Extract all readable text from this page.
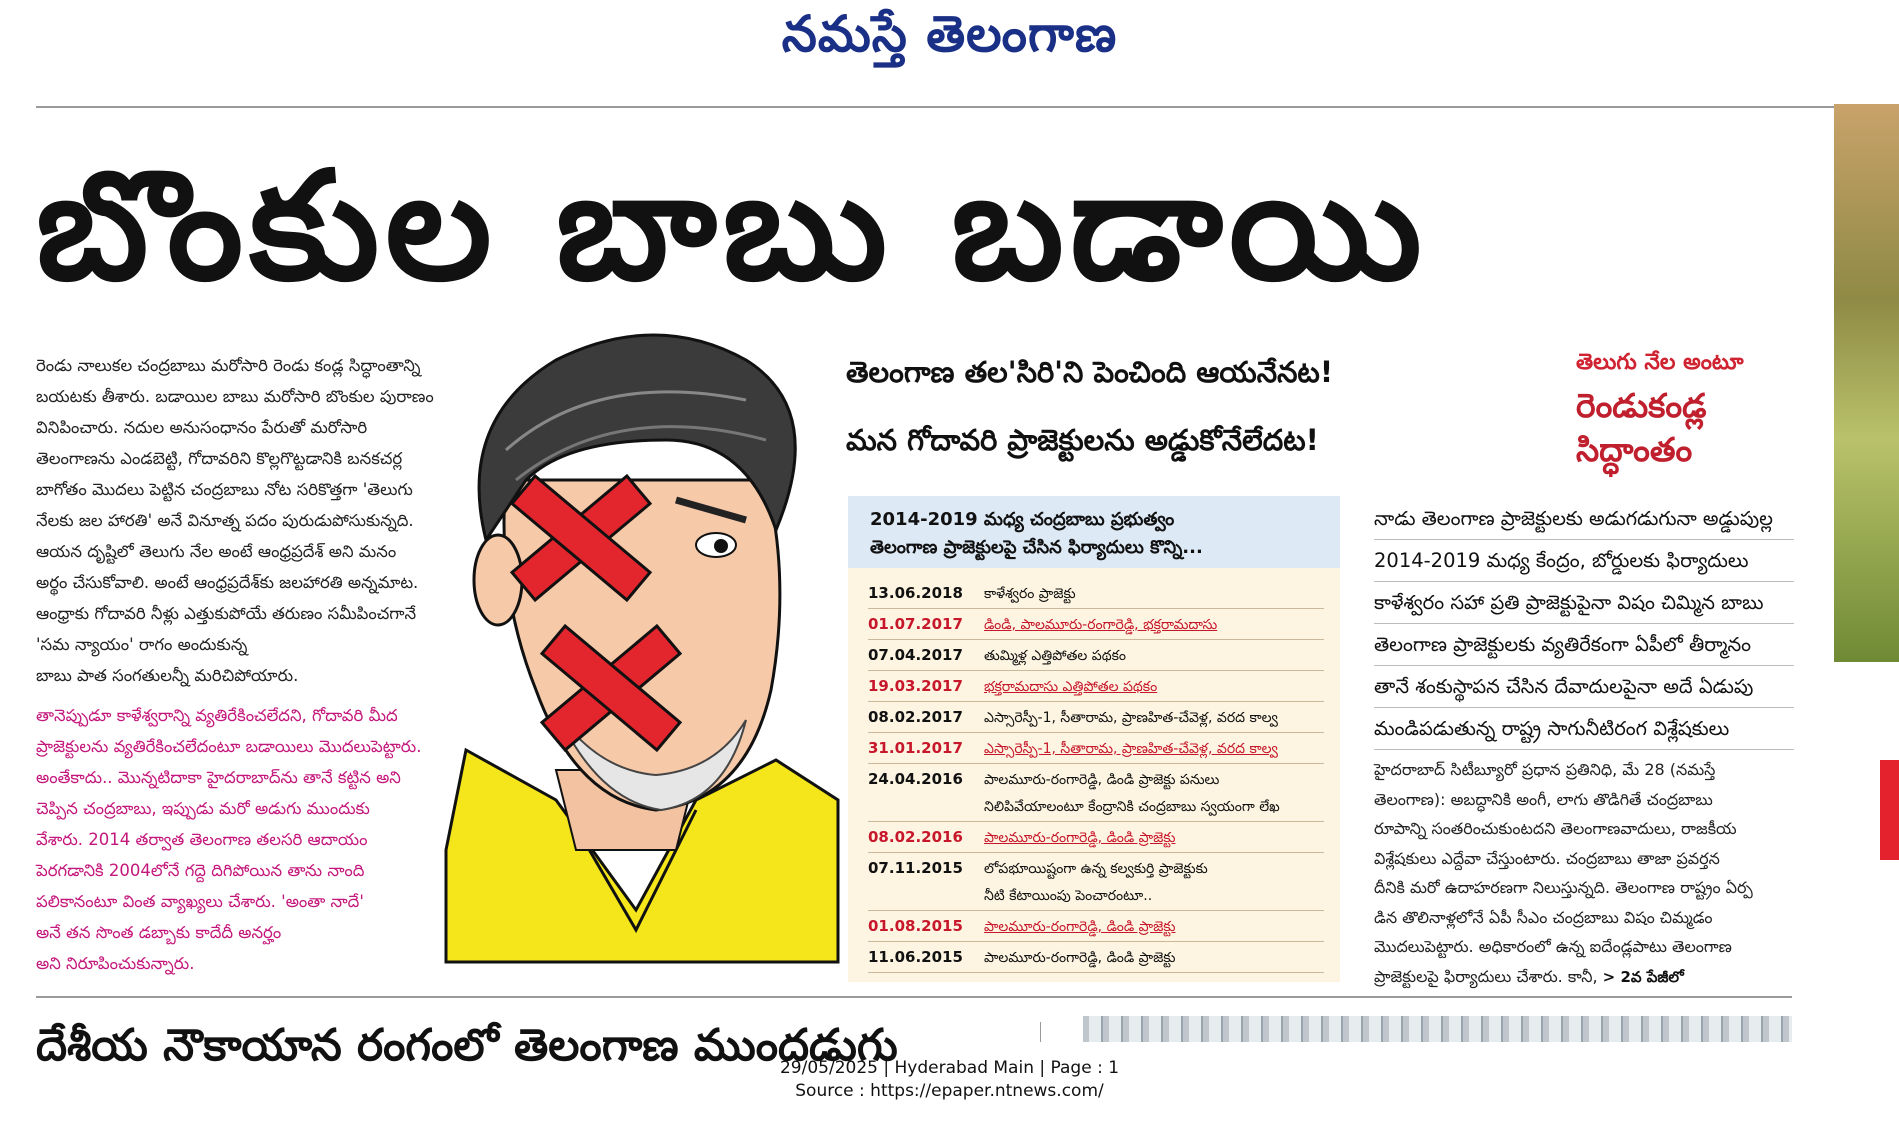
నమస్తే తెలంగాణ
బొంకుల బాబు బడాయి
రెండు నాలుకల చంద్రబాబు మరోసారి రెండు కండ్ల సిద్ధాంతాన్ని
బయటకు తీశారు. బడాయిల బాబు మరోసారి బొంకుల పురాణం
వినిపించారు. నదుల అనుసంధానం పేరుతో మరోసారి
తెలంగాణను ఎండబెట్టి, గోదావరిని కొల్లగొట్టడానికి బనకచర్ల
బాగోతం మొదలు పెట్టిన చంద్రబాబు నోట సరికొత్తగా 'తెలుగు
నేలకు జల హారతి' అనే వినూత్న పదం పురుడుపోసుకున్నది.
ఆయన దృష్టిలో తెలుగు నేల అంటే ఆంధ్రప్రదేశ్ అని మనం
అర్థం చేసుకోవాలి. అంటే ఆంధ్రప్రదేశ్‌కు జలహారతి అన్నమాట.
ఆంధ్రాకు గోదావరి నీళ్లు ఎత్తుకుపోయే తరుణం సమీపించగానే
'సమ న్యాయం' రాగం అందుకున్న
బాబు పాత సంగతులన్నీ మరిచిపోయారు.
తానెప్పుడూ కాళేశ్వరాన్ని వ్యతిరేకించలేదని, గోదావరి మీద
ప్రాజెక్టులను వ్యతిరేకించలేదంటూ బడాయిలు మొదలుపెట్టారు.
అంతేకాదు.. మొన్నటిదాకా హైదరాబాద్‌ను తానే కట్టిన అని
చెప్పిన చంద్రబాబు, ఇప్పుడు మరో అడుగు ముందుకు
వేశారు. 2014 తర్వాత తెలంగాణ తలసరి ఆదాయం
పెరగడానికి 2004లోనే గద్దె దిగిపోయిన తాను నాంది
పలికానంటూ వింత వ్యాఖ్యలు చేశారు. 'అంతా నాదే'
అనే తన సొంత డబ్బాకు కాదేదీ అనర్హం
అని నిరూపించుకున్నారు.
తెలంగాణ తల'సిరి'ని పెంచింది ఆయనేనట!
మన గోదావరి ప్రాజెక్టులను అడ్డుకోనేలేదట!
తెలుగు నేల అంటూ
రెండుకండ్ల
సిద్ధాంతం
2014-2019 మధ్య చంద్రబాబు ప్రభుత్వం
తెలంగాణ ప్రాజెక్టులపై చేసిన ఫిర్యాదులు కొన్ని...
13.06.2018 కాళేశ్వరం ప్రాజెక్టు
01.07.2017 డిండి, పాలమూరు-రంగారెడ్డి, భక్తరామదాసు
07.04.2017 తుమ్మిళ్ల ఎత్తిపోతల పథకం
19.03.2017 భక్తరామదాసు ఎత్తిపోతల పథకం
08.02.2017 ఎస్సారెస్పీ-1, సీతారామ, ప్రాణహిత-చేవెళ్ల, వరద కాల్వ
31.01.2017 ఎస్సారెస్పీ-1, సీతారామ, ప్రాణహిత-చేవెళ్ల, వరద కాల్వ
24.04.2016 పాలమూరు-రంగారెడ్డి, డిండి ప్రాజెక్టు పనులు
నిలిపివేయాలంటూ కేంద్రానికి చంద్రబాబు స్వయంగా లేఖ
08.02.2016 పాలమూరు-రంగారెడ్డి, డిండి ప్రాజెక్టు
07.11.2015 లోపభూయిష్టంగా ఉన్న కల్వకుర్తి ప్రాజెక్టుకు
నీటి కేటాయింపు పెంచారంటూ..
01.08.2015 పాలమూరు-రంగారెడ్డి, డిండి ప్రాజెక్టు
11.06.2015 పాలమూరు-రంగారెడ్డి, డిండి ప్రాజెక్టు
నాడు తెలంగాణ ప్రాజెక్టులకు అడుగడుగునా అడ్డుపుల్ల
2014-2019 మధ్య కేంద్రం, బోర్డులకు ఫిర్యాదులు
కాళేశ్వరం సహా ప్రతి ప్రాజెక్టుపైనా విషం చిమ్మిన బాబు
తెలంగాణ ప్రాజెక్టులకు వ్యతిరేకంగా ఏపీలో తీర్మానం
తానే శంకుస్థాపన చేసిన దేవాదులపైనా అదే ఏడుపు
మండిపడుతున్న రాష్ట్ర సాగునీటిరంగ విశ్లేషకులు
హైదరాబాద్ సిటీబ్యూరో ప్రధాన ప్రతినిధి, మే 28 (నమస్తే
తెలంగాణ): అబద్ధానికి అంగీ, లాగు తొడిగితే చంద్రబాబు
రూపాన్ని సంతరించుకుంటదని తెలంగాణవాదులు, రాజకీయ
విశ్లేషకులు ఎద్దేవా చేస్తుంటారు. చంద్రబాబు తాజా ప్రవర్తన
దీనికి మరో ఉదాహరణగా నిలుస్తున్నది. తెలంగాణ రాష్ట్రం ఏర్ప
డిన తొలినాళ్లలోనే ఏపీ సీఎం చంద్రబాబు విషం చిమ్మడం
మొదలుపెట్టారు. అధికారంలో ఉన్న ఐదేండ్లపాటు తెలంగాణ
ప్రాజెక్టులపై ఫిర్యాదులు చేశారు. కానీ, > 2వ పేజీలో
దేశీయ నౌకాయాన రంగంలో తెలంగాణ ముందడుగు
29/05/2025 | Hyderabad Main | Page : 1
Source : https://epaper.ntnews.com/
